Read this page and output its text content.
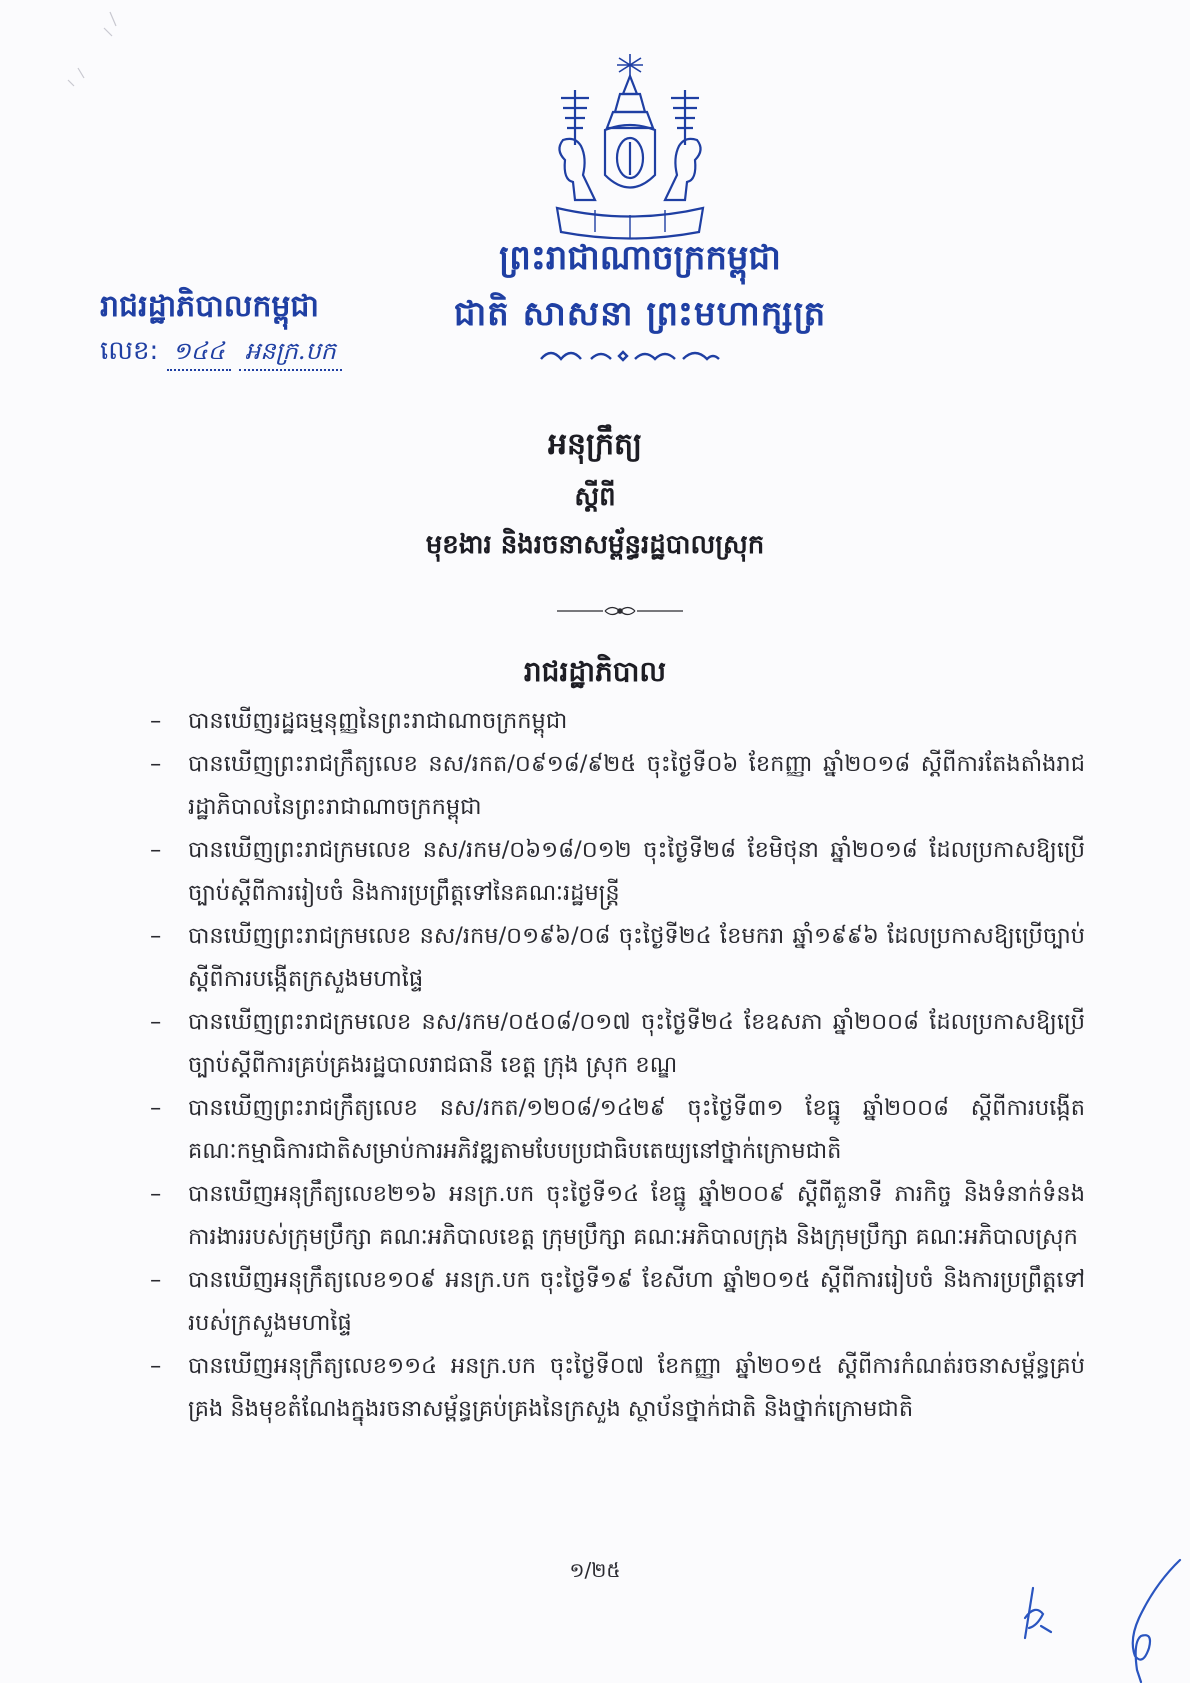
ព្រះរាជាណាចក្រកម្ពុជា
ជាតិ សាសនា ព្រះមហាក្សត្រ
រាជរដ្ឋាភិបាលកម្ពុជា
លេខ: ១៤៤ អនក្រ.បក
អនុក្រឹត្យ
ស្តីពី
មុខងារ និងរចនាសម្ព័ន្ធរដ្ឋបាលស្រុក
រាជរដ្ឋាភិបាល
–	បានឃើញរដ្ឋធម្មនុញ្ញនៃព្រះរាជាណាចក្រកម្ពុជា
–	បានឃើញព្រះរាជក្រឹត្យលេខ នស/រកត/០៩១៨/៩២៥ ចុះថ្ងៃទី០៦ ខែកញ្ញា ឆ្នាំ២០១៨ ស្តីពីការតែងតាំងរាជរដ្ឋាភិបាលនៃព្រះរាជាណាចក្រកម្ពុជា
–	បានឃើញព្រះរាជក្រមលេខ នស/រកម/០៦១៨/០១២ ចុះថ្ងៃទី២៨ ខែមិថុនា ឆ្នាំ២០១៨ ដែលប្រកាសឱ្យប្រើច្បាប់ស្តីពីការរៀបចំ និងការប្រព្រឹត្តទៅនៃគណៈរដ្ឋមន្ត្រី
–	បានឃើញព្រះរាជក្រមលេខ នស/រកម/០១៩៦/០៨ ចុះថ្ងៃទី២៤ ខែមករា ឆ្នាំ១៩៩៦ ដែលប្រកាសឱ្យប្រើច្បាប់ស្តីពីការបង្កើតក្រសួងមហាផ្ទៃ
–	បានឃើញព្រះរាជក្រមលេខ នស/រកម/០៥០៨/០១៧ ចុះថ្ងៃទី២៤ ខែឧសភា ឆ្នាំ២០០៨ ដែលប្រកាសឱ្យប្រើច្បាប់ស្តីពីការគ្រប់គ្រងរដ្ឋបាលរាជធានី ខេត្ត ក្រុង ស្រុក ខណ្ឌ
–	បានឃើញព្រះរាជក្រឹត្យលេខ នស/រកត/១២០៨/១៤២៩ ចុះថ្ងៃទី៣១ ខែធ្នូ ឆ្នាំ២០០៨ ស្តីពីការបង្កើតគណៈកម្មាធិការជាតិសម្រាប់ការអភិវឌ្ឍតាមបែបប្រជាធិបតេយ្យនៅថ្នាក់ក្រោមជាតិ
–	បានឃើញអនុក្រឹត្យលេខ២១៦ អនក្រ.បក ចុះថ្ងៃទី១៤ ខែធ្នូ ឆ្នាំ២០០៩ ស្តីពីតួនាទី ភារកិច្ច និងទំនាក់ទំនងការងាររបស់ក្រុមប្រឹក្សា គណៈអភិបាលខេត្ត ក្រុមប្រឹក្សា គណៈអភិបាលក្រុង និងក្រុមប្រឹក្សា គណៈអភិបាលស្រុក
–	បានឃើញអនុក្រឹត្យលេខ១០៩ អនក្រ.បក ចុះថ្ងៃទី១៩ ខែសីហា ឆ្នាំ២០១៥ ស្តីពីការរៀបចំ និងការប្រព្រឹត្តទៅរបស់ក្រសួងមហាផ្ទៃ
–	បានឃើញអនុក្រឹត្យលេខ១១៤ អនក្រ.បក ចុះថ្ងៃទី០៧ ខែកញ្ញា ឆ្នាំ២០១៥ ស្តីពីការកំណត់រចនាសម្ព័ន្ធគ្រប់គ្រង និងមុខតំណែងក្នុងរចនាសម្ព័ន្ធគ្រប់គ្រងនៃក្រសួង ស្ថាប័នថ្នាក់ជាតិ និងថ្នាក់ក្រោមជាតិ
១/២៥
